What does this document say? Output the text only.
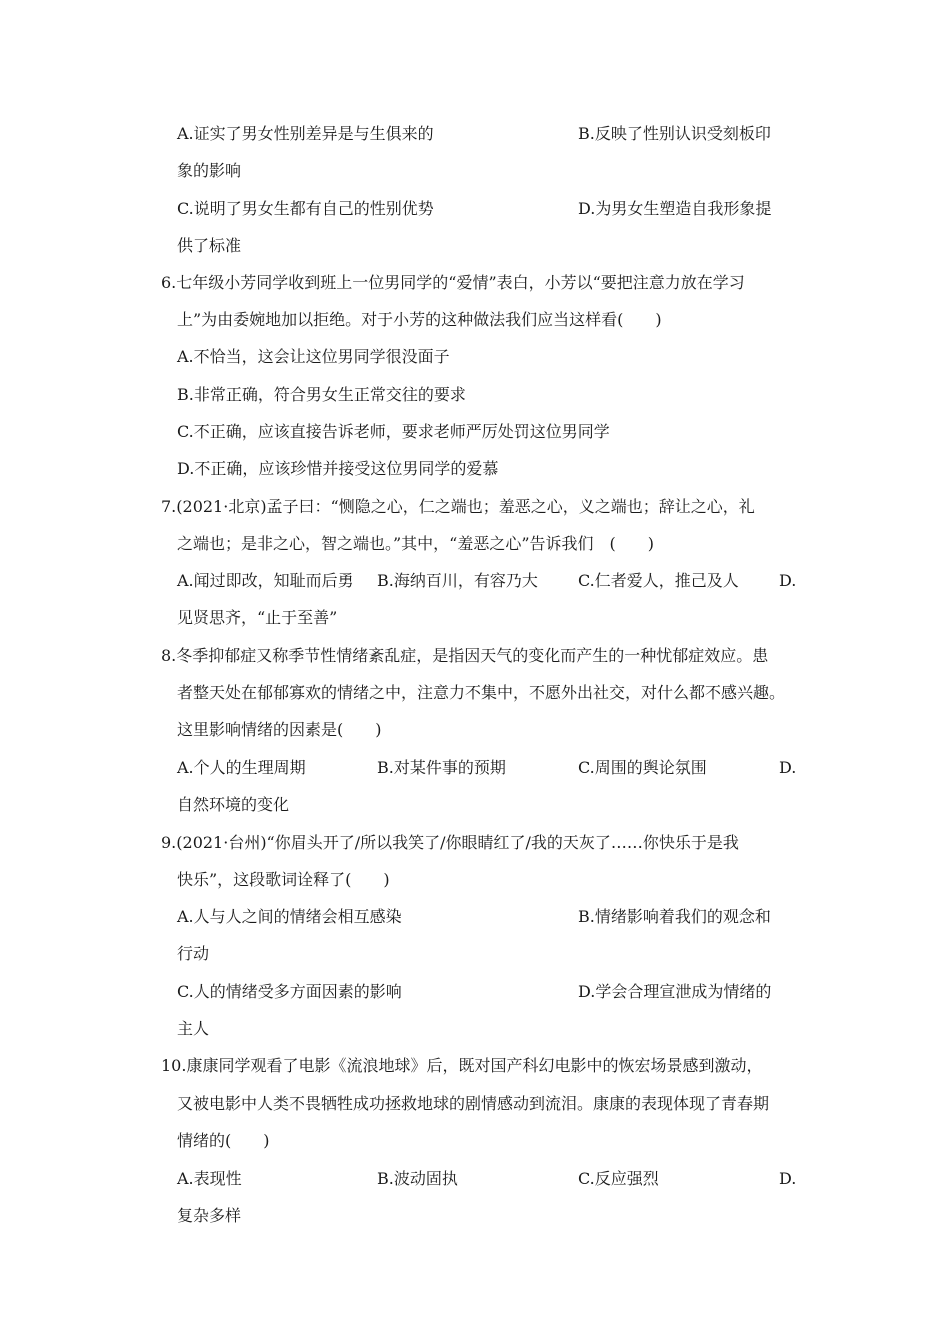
A.证实了男女性别差异是与生俱来的	B.反映了性别认识受刻板印
象的影响
C.说明了男女生都有自己的性别优势	D.为男女生塑造自我形象提
供了标准
6.七年级小芳同学收到班上一位男同学的“爱情”表白，小芳以“要把注意力放在学习
上”为由委婉地加以拒绝。对于小芳的这种做法我们应当这样看(　　)
A.不恰当，这会让这位男同学很没面子
B.非常正确，符合男女生正常交往的要求
C.不正确，应该直接告诉老师，要求老师严厉处罚这位男同学
D.不正确，应该珍惜并接受这位男同学的爱慕
7.(2021·北京)孟子曰：“恻隐之心，仁之端也；羞恶之心，义之端也；辞让之心，礼
之端也；是非之心，智之端也。”其中，“羞恶之心”告诉我们　(　　)
A.闻过即改，知耻而后勇 B.海纳百川，有容乃大	C.仁者爱人，推己及人	D.
见贤思齐，“止于至善”
8.冬季抑郁症又称季节性情绪紊乱症，是指因天气的变化而产生的一种忧郁症效应。患
者整天处在郁郁寡欢的情绪之中，注意力不集中，不愿外出社交，对什么都不感兴趣。
这里影响情绪的因素是(　　)
A.个人的生理周期	B.对某件事的预期	C.周围的舆论氛围	D.
自然环境的变化
9.(2021·台州)“你眉头开了/所以我笑了/你眼睛红了/我的天灰了……你快乐于是我
快乐”，这段歌词诠释了(　　)
A.人与人之间的情绪会相互感染	B.情绪影响着我们的观念和
行动
C.人的情绪受多方面因素的影响	D.学会合理宣泄成为情绪的
主人
10.康康同学观看了电影《流浪地球》后，既对国产科幻电影中的恢宏场景感到激动，
又被电影中人类不畏牺牲成功拯救地球的剧情感动到流泪。康康的表现体现了青春期
情绪的(　　)
A.表现性	B.波动固执	C.反应强烈	D.
复杂多样
